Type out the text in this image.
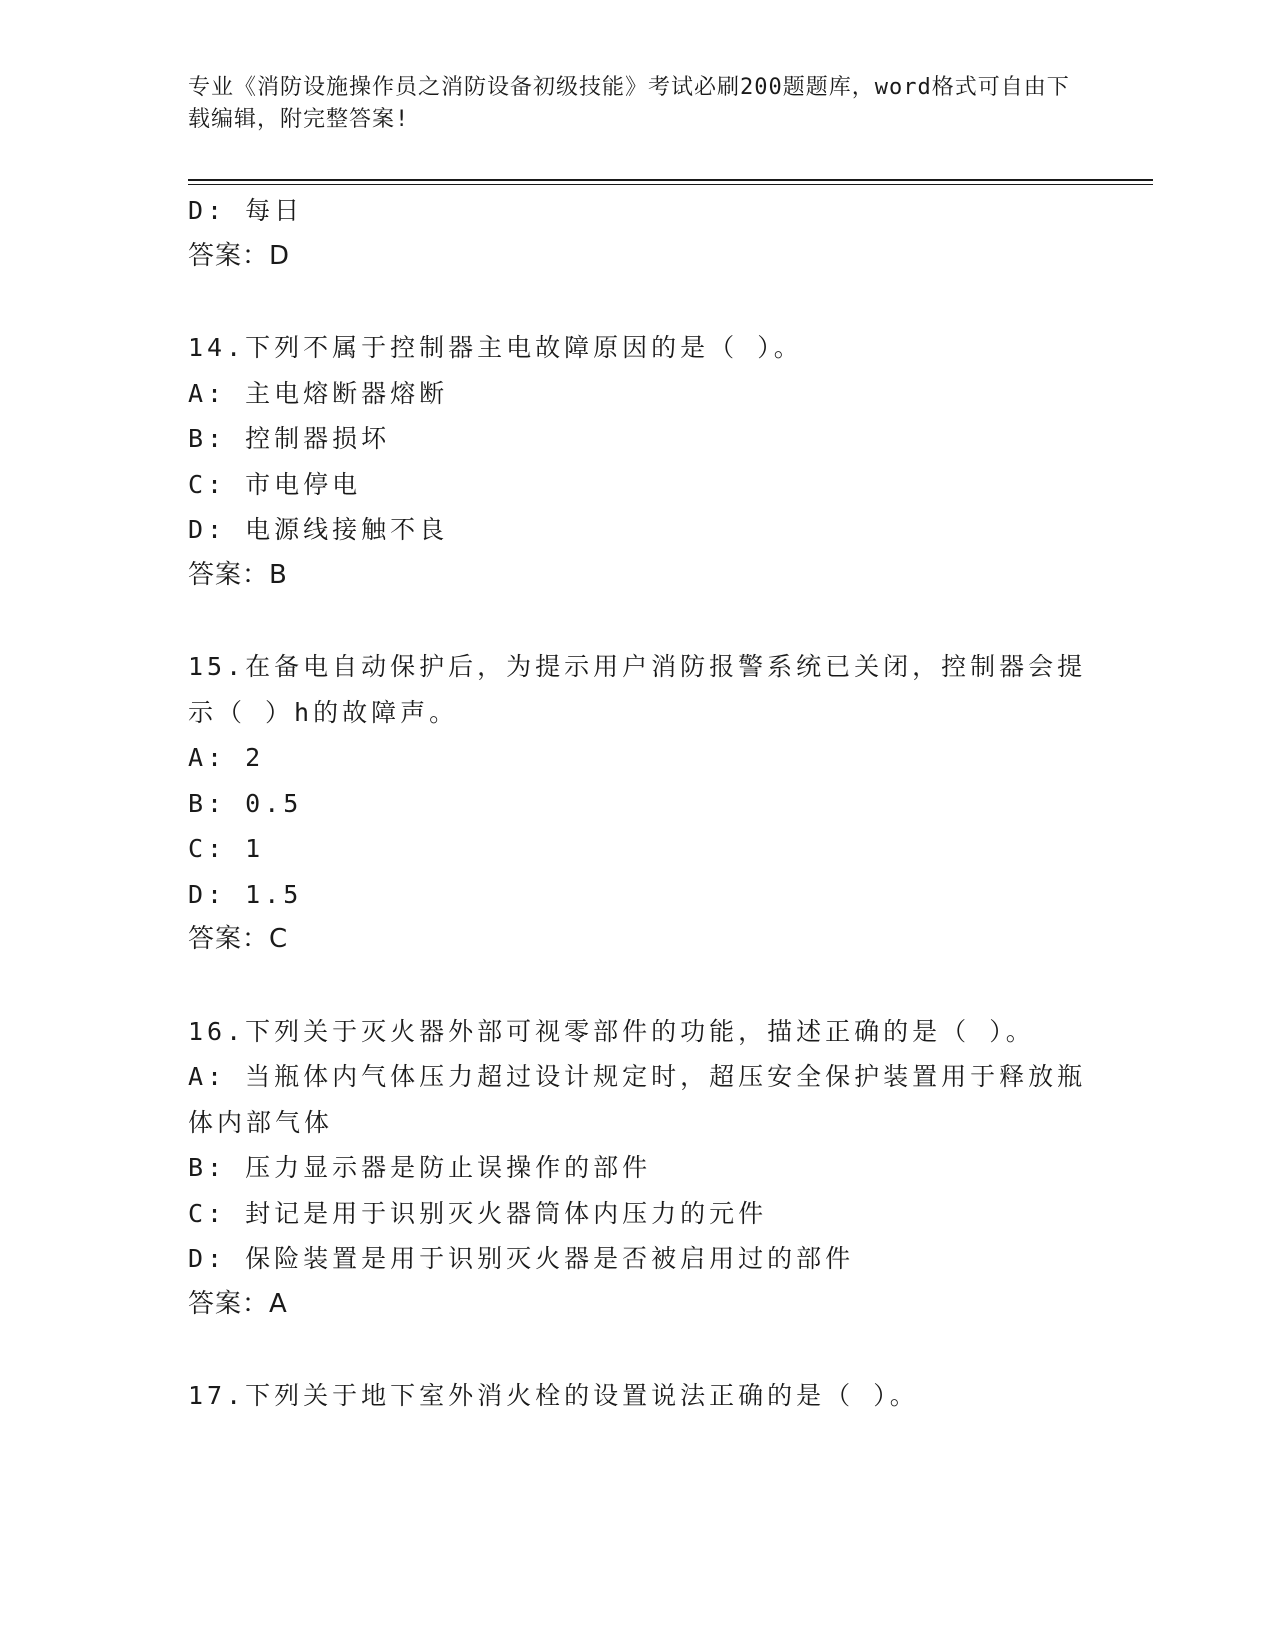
专业《消防设施操作员之消防设备初级技能》考试必刷200题题库，word格式可自由下载编辑，附完整答案!
D: 每日
答案：D
14.下列不属于控制器主电故障原因的是（ ）。
A: 主电熔断器熔断
B: 控制器损坏
C: 市电停电
D: 电源线接触不良
答案：B
15.在备电自动保护后，为提示用户消防报警系统已关闭，控制器会提示（ ）h的故障声。
A: 2
B: 0.5
C: 1
D: 1.5
答案：C
16.下列关于灭火器外部可视零部件的功能，描述正确的是（ ）。
A: 当瓶体内气体压力超过设计规定时，超压安全保护装置用于释放瓶体内部气体
B: 压力显示器是防止误操作的部件
C: 封记是用于识别灭火器筒体内压力的元件
D: 保险装置是用于识别灭火器是否被启用过的部件
答案：A
17.下列关于地下室外消火栓的设置说法正确的是（ ）。
